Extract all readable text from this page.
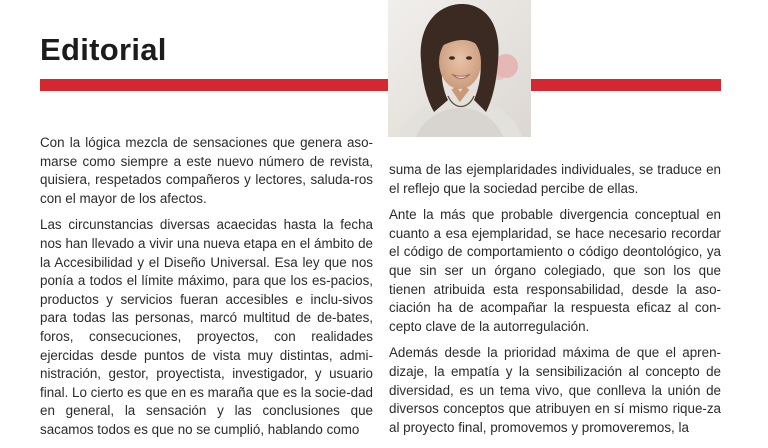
Editorial

Con la lógica mezcla de sensaciones que genera aso-marse como siempre a este nuevo número de revista, quisiera, respetados compañeros y lectores, saluda-ros con el mayor de los afectos.

Las circunstancias diversas acaecidas hasta la fecha nos han llevado a vivir una nueva etapa en el ámbito de la Accesibilidad y el Diseño Universal. Esa ley que nos ponía a todos el límite máximo, para que los es-pacios, productos y servicios fueran accesibles e inclu-sivos para todas las personas, marcó multitud de de-bates, foros, consecuciones, proyectos, con realidades ejercidas desde puntos de vista muy distintas, admi-nistración, gestor, proyectista, investigador, y usuario final. Lo cierto es que en es maraña que es la socie-dad en general, la sensación y las conclusiones que sacamos todos es que no se cumplió, hablando como

suma de las ejemplaridades individuales, se traduce en el reflejo que la sociedad percibe de ellas.

Ante la más que probable divergencia conceptual en cuanto a esa ejemplaridad, se hace necesario recordar el código de comportamiento o código deontológico, ya que sin ser un órgano colegiado, que son los que tienen atribuida esta responsabilidad, desde la aso-ciación ha de acompañar la respuesta eficaz al con-cepto clave de la autorregulación.

Además desde la prioridad máxima de que el apren-dizaje, la empatía y la sensibilización al concepto de diversidad, es un tema vivo, que conlleva la unión de diversos conceptos que atribuyen en sí mismo rique-za al proyecto final, promovemos y promoveremos, la
